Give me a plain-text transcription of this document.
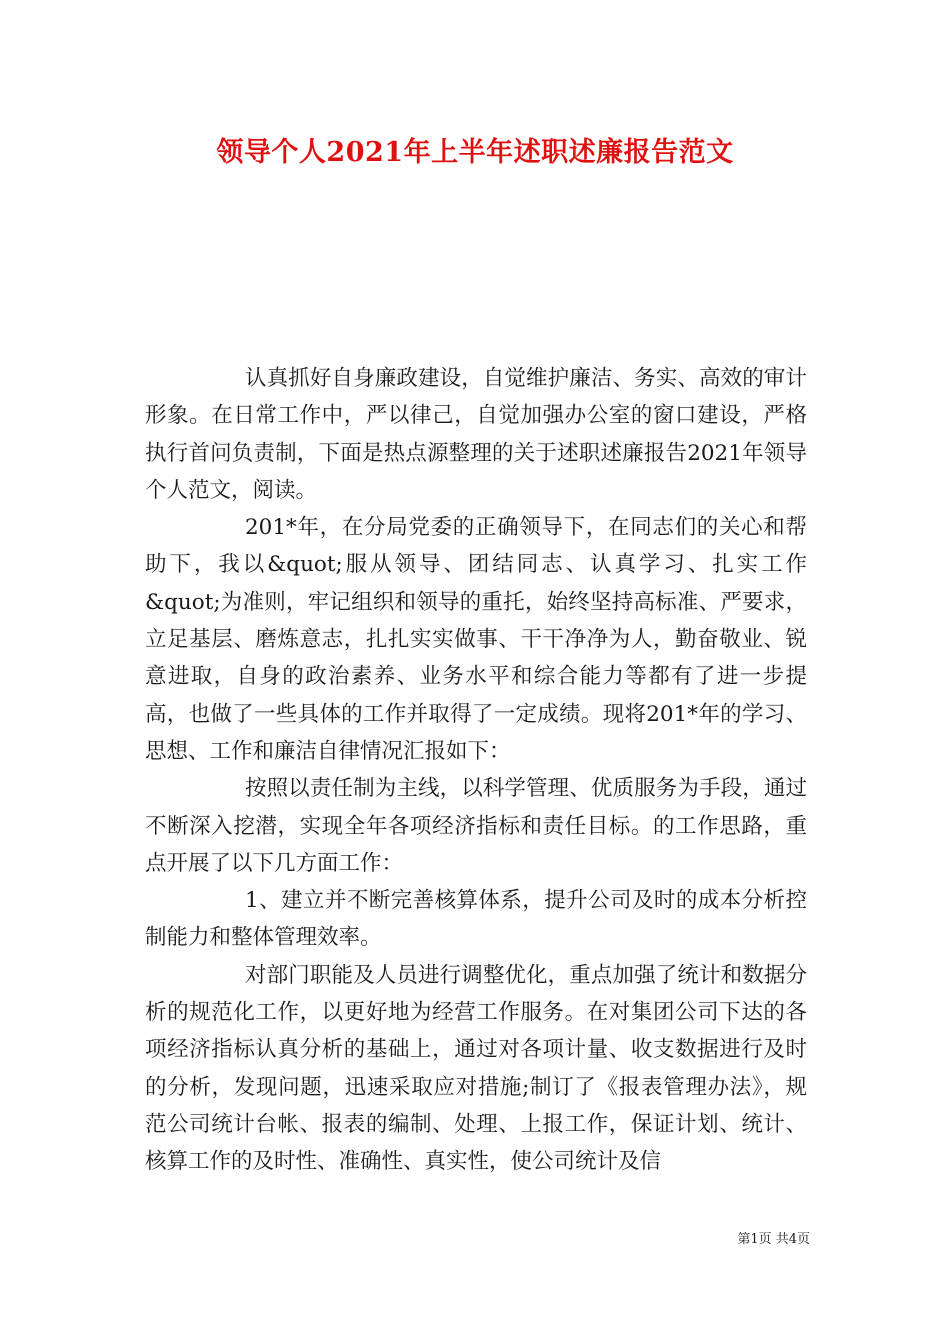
领导个人2021年上半年述职述廉报告范文

认真抓好自身廉政建设，自觉维护廉洁、务实、高效的审计形象。在日常工作中，严以律己，自觉加强办公室的窗口建设，严格执行首问负责制，下面是热点源整理的关于述职述廉报告2021年领导个人范文，阅读。

201*年，在分局党委的正确领导下，在同志们的关心和帮助下，我以&quot;服从领导、团结同志、认真学习、扎实工作&quot;为准则，牢记组织和领导的重托，始终坚持高标准、严要求，立足基层、磨炼意志，扎扎实实做事、干干净净为人，勤奋敬业、锐意进取，自身的政治素养、业务水平和综合能力等都有了进一步提高，也做了一些具体的工作并取得了一定成绩。现将201*年的学习、思想、工作和廉洁自律情况汇报如下：

按照以责任制为主线，以科学管理、优质服务为手段，通过不断深入挖潜，实现全年各项经济指标和责任目标。的工作思路，重点开展了以下几方面工作：

1、建立并不断完善核算体系，提升公司及时的成本分析控制能力和整体管理效率。

对部门职能及人员进行调整优化，重点加强了统计和数据分析的规范化工作，以更好地为经营工作服务。在对集团公司下达的各项经济指标认真分析的基础上，通过对各项计量、收支数据进行及时的分析，发现问题，迅速采取应对措施;制订了《报表管理办法》，规范公司统计台帐、报表的编制、处理、上报工作，保证计划、统计、核算工作的及时性、准确性、真实性，使公司统计及信

第1页 共4页
